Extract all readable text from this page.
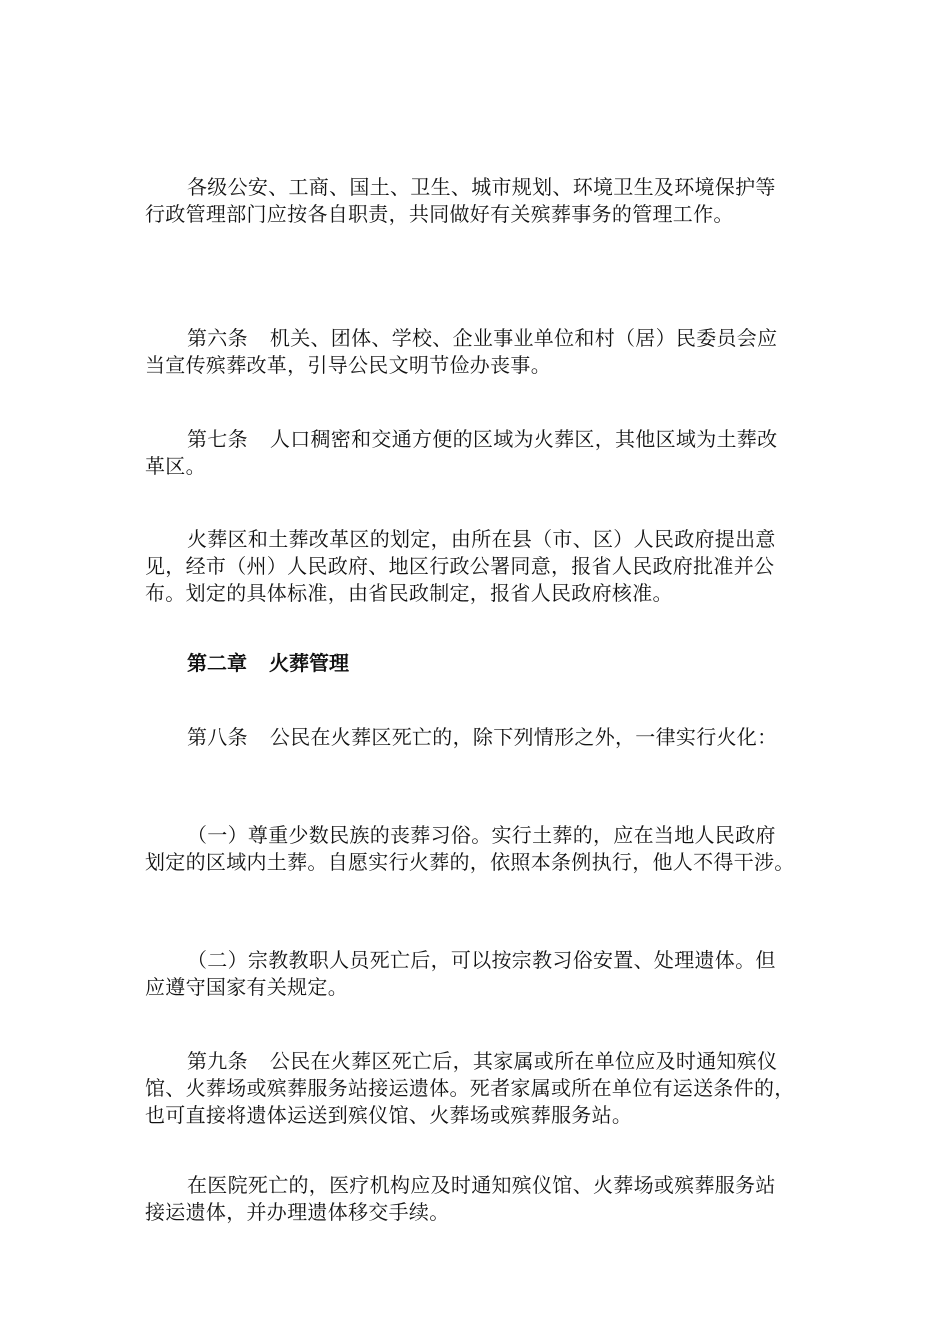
各级公安、工商、国土、卫生、城市规划、环境卫生及环境保护等行政管理部门应按各自职责，共同做好有关殡葬事务的管理工作。

第六条 机关、团体、学校、企业事业单位和村（居）民委员会应当宣传殡葬改革，引导公民文明节俭办丧事。

第七条 人口稠密和交通方便的区域为火葬区，其他区域为土葬改革区。

火葬区和土葬改革区的划定，由所在县（市、区）人民政府提出意见，经市（州）人民政府、地区行政公署同意，报省人民政府批准并公布。划定的具体标准，由省民政制定，报省人民政府核准。

第二章 火葬管理

第八条 公民在火葬区死亡的，除下列情形之外，一律实行火化：

（一）尊重少数民族的丧葬习俗。实行土葬的，应在当地人民政府划定的区域内土葬。自愿实行火葬的，依照本条例执行，他人不得干涉。

（二）宗教教职人员死亡后，可以按宗教习俗安置、处理遗体。但应遵守国家有关规定。

第九条 公民在火葬区死亡后，其家属或所在单位应及时通知殡仪馆、火葬场或殡葬服务站接运遗体。死者家属或所在单位有运送条件的，也可直接将遗体运送到殡仪馆、火葬场或殡葬服务站。

在医院死亡的，医疗机构应及时通知殡仪馆、火葬场或殡葬服务站接运遗体，并办理遗体移交手续。
